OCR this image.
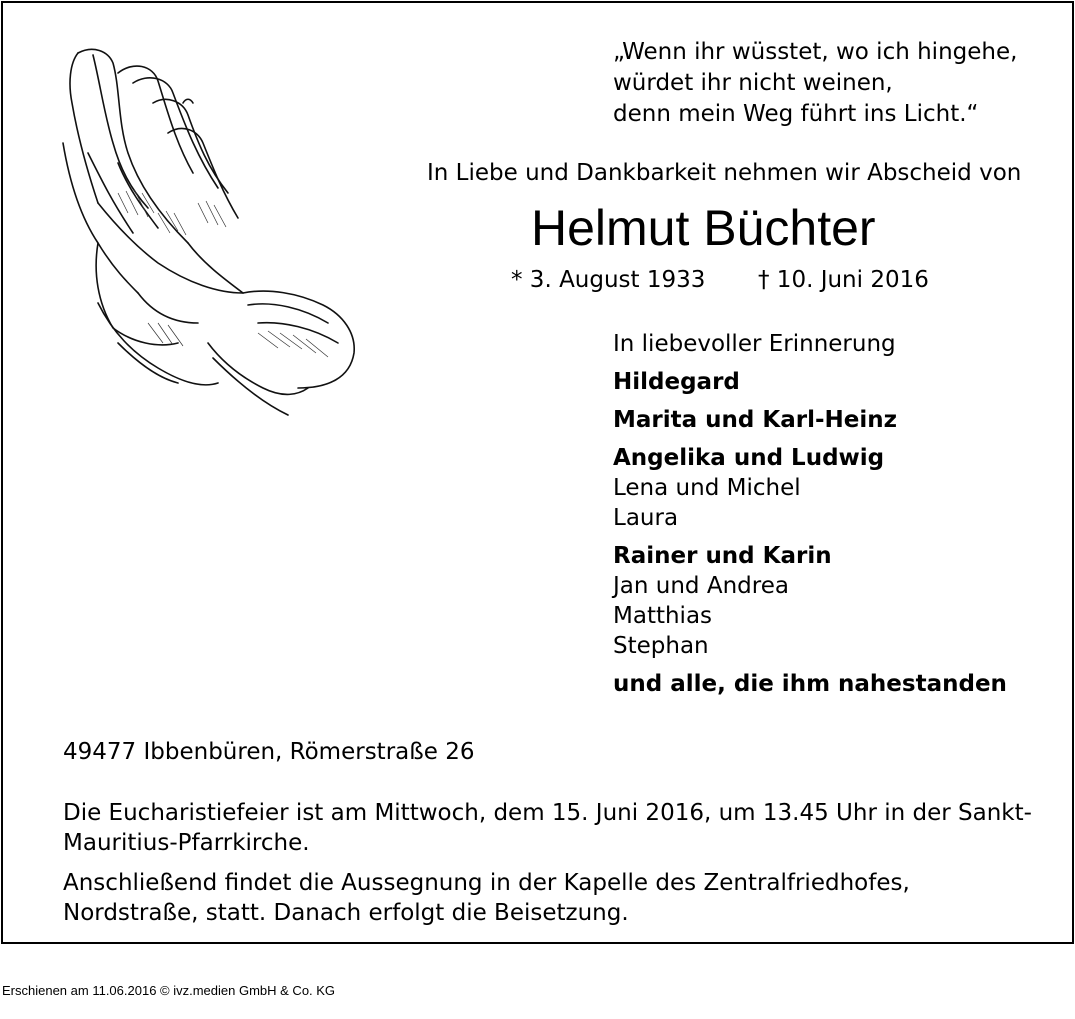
„Wenn ihr wüsstet, wo ich hingehe,
würdet ihr nicht weinen,
denn mein Weg führt ins Licht.“
In Liebe und Dankbarkeit nehmen wir Abscheid von
Helmut Büchter
* 3. August 1933 † 10. Juni 2016
In liebevoller Erinnerung
Hildegard
Marita und Karl-Heinz
Angelika und Ludwig
Lena und Michel
Laura
Rainer und Karin
Jan und Andrea
Matthias
Stephan
und alle, die ihm nahestanden
49477 Ibbenbüren, Römerstraße 26

Die Eucharistiefeier ist am Mittwoch, dem 15. Juni 2016, um 13.45 Uhr in der Sankt-Mauritius-Pfarrkirche.

Anschließend findet die Aussegnung in der Kapelle des Zentralfriedhofes, Nordstraße, statt. Danach erfolgt die Beisetzung.

Erschienen am 11.06.2016 © ivz.medien GmbH & Co. KG
